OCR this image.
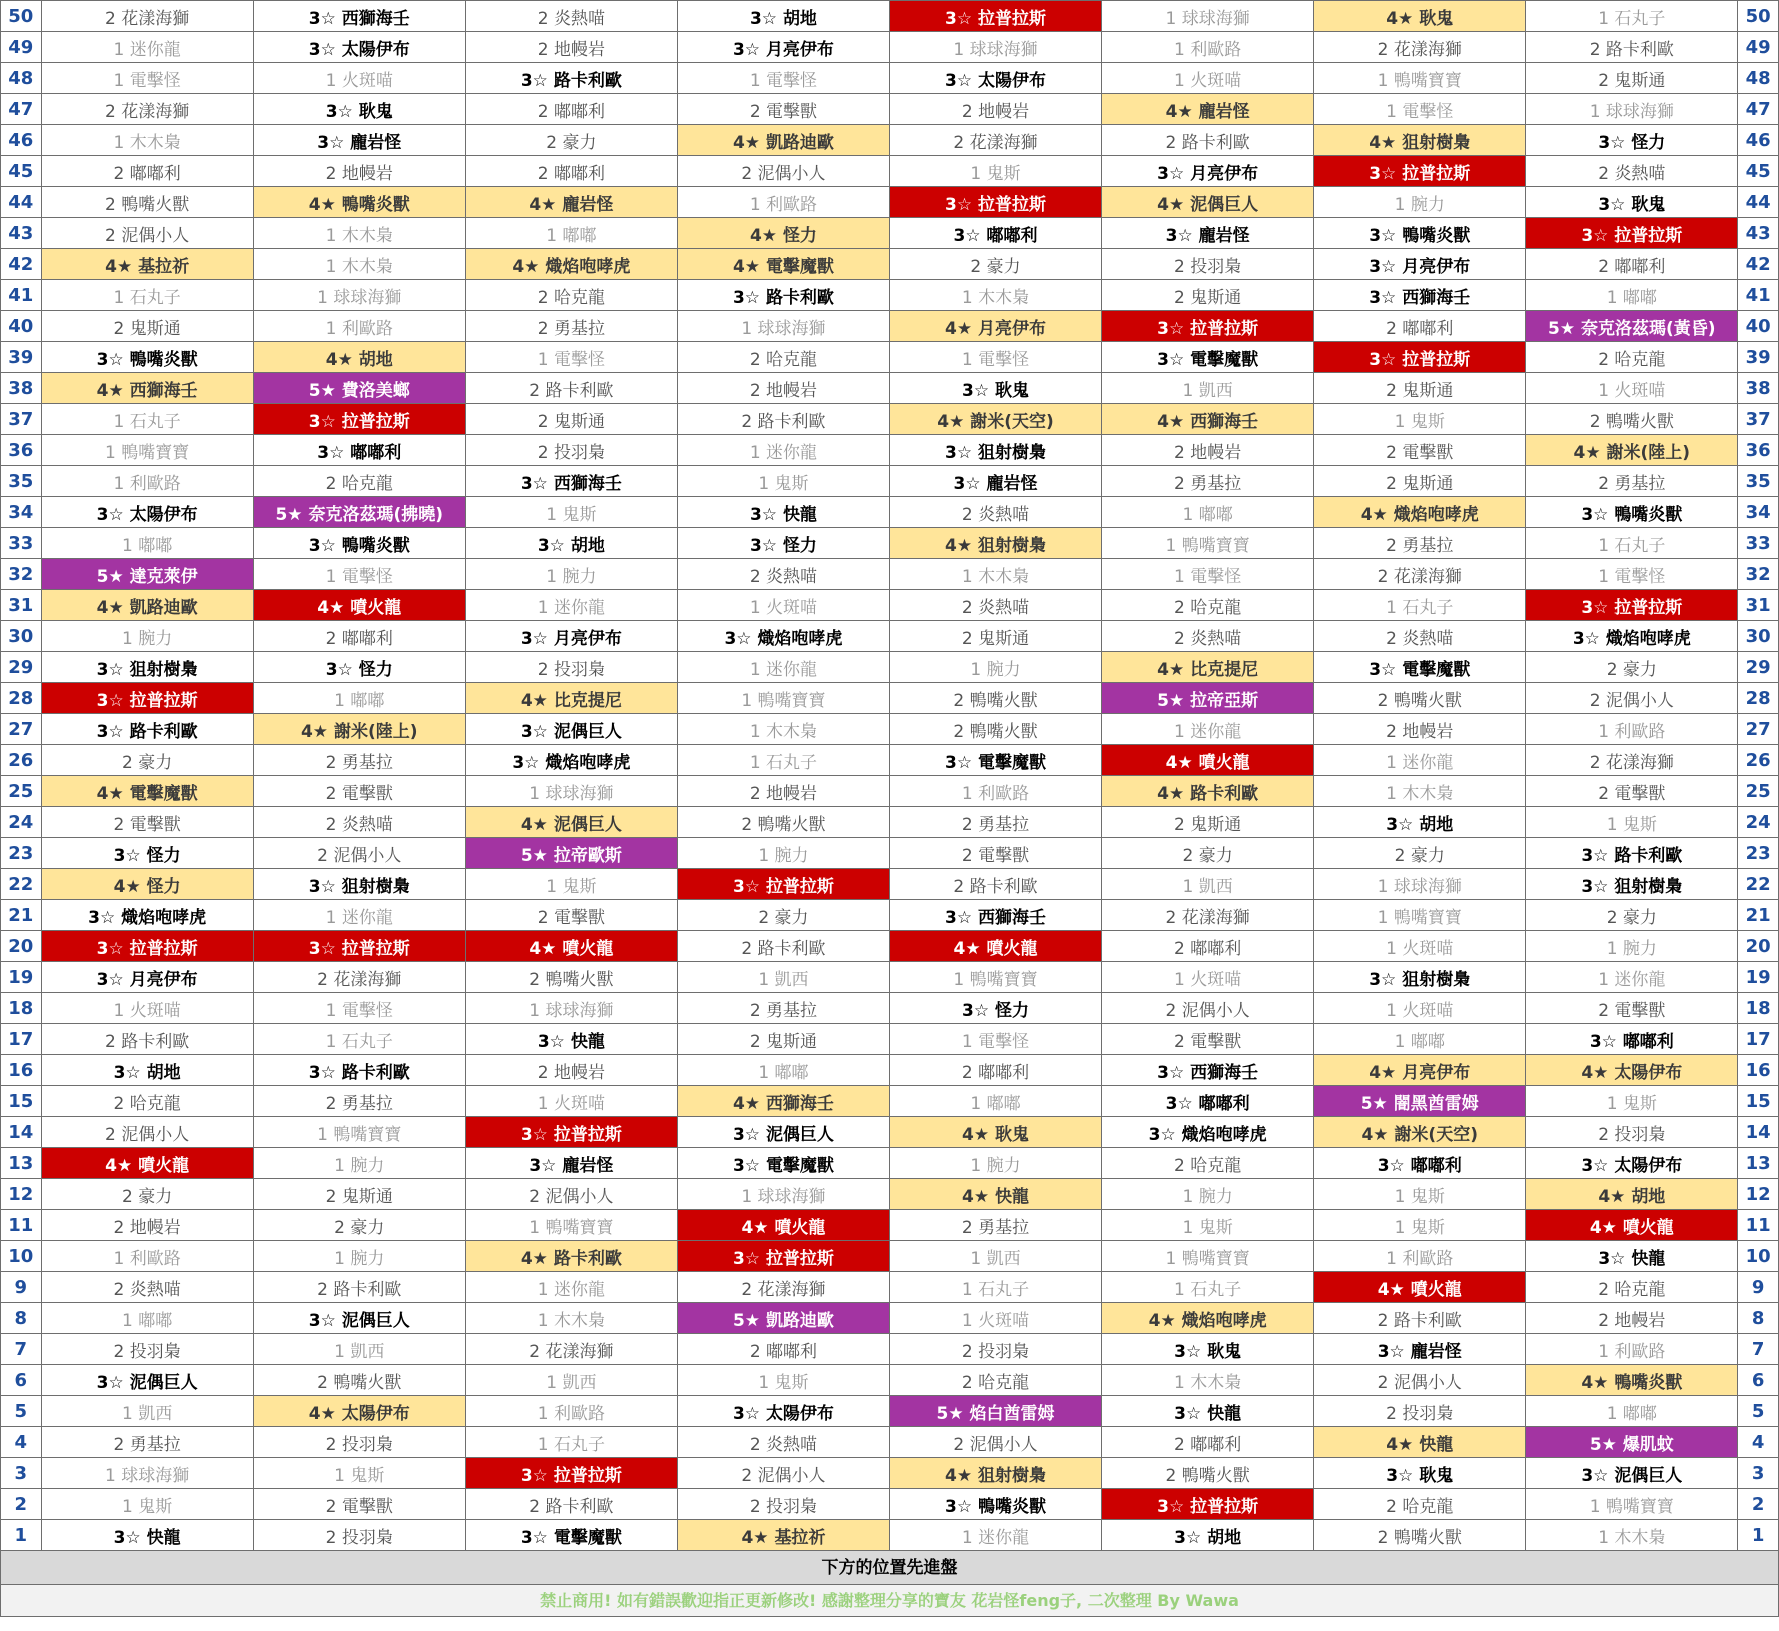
50	2 花漾海獅	3☆ 西獅海壬	2 炎熱喵	3☆ 胡地	3☆ 拉普拉斯	1 球球海獅	4★ 耿鬼	1 石丸子	50
49	1 迷你龍	3☆ 太陽伊布	2 地幔岩	3☆ 月亮伊布	1 球球海獅	1 利歐路	2 花漾海獅	2 路卡利歐	49
48	1 電擊怪	1 火斑喵	3☆ 路卡利歐	1 電擊怪	3☆ 太陽伊布	1 火斑喵	1 鴨嘴寶寶	2 鬼斯通	48
47	2 花漾海獅	3☆ 耿鬼	2 嘟嘟利	2 電擊獸	2 地幔岩	4★ 龐岩怪	1 電擊怪	1 球球海獅	47
46	1 木木梟	3☆ 龐岩怪	2 豪力	4★ 凱路迪歐	2 花漾海獅	2 路卡利歐	4★ 狙射樹梟	3☆ 怪力	46
45	2 嘟嘟利	2 地幔岩	2 嘟嘟利	2 泥偶小人	1 鬼斯	3☆ 月亮伊布	3☆ 拉普拉斯	2 炎熱喵	45
44	2 鴨嘴火獸	4★ 鴨嘴炎獸	4★ 龐岩怪	1 利歐路	3☆ 拉普拉斯	4★ 泥偶巨人	1 腕力	3☆ 耿鬼	44
43	2 泥偶小人	1 木木梟	1 嘟嘟	4★ 怪力	3☆ 嘟嘟利	3☆ 龐岩怪	3☆ 鴨嘴炎獸	3☆ 拉普拉斯	43
42	4★ 基拉祈	1 木木梟	4★ 熾焰咆哮虎	4★ 電擊魔獸	2 豪力	2 投羽梟	3☆ 月亮伊布	2 嘟嘟利	42
41	1 石丸子	1 球球海獅	2 哈克龍	3☆ 路卡利歐	1 木木梟	2 鬼斯通	3☆ 西獅海壬	1 嘟嘟	41
40	2 鬼斯通	1 利歐路	2 勇基拉	1 球球海獅	4★ 月亮伊布	3☆ 拉普拉斯	2 嘟嘟利	5★ 奈克洛茲瑪(黃昏)	40
39	3☆ 鴨嘴炎獸	4★ 胡地	1 電擊怪	2 哈克龍	1 電擊怪	3☆ 電擊魔獸	3☆ 拉普拉斯	2 哈克龍	39
38	4★ 西獅海壬	5★ 費洛美螂	2 路卡利歐	2 地幔岩	3☆ 耿鬼	1 凱西	2 鬼斯通	1 火斑喵	38
37	1 石丸子	3☆ 拉普拉斯	2 鬼斯通	2 路卡利歐	4★ 謝米(天空)	4★ 西獅海壬	1 鬼斯	2 鴨嘴火獸	37
36	1 鴨嘴寶寶	3☆ 嘟嘟利	2 投羽梟	1 迷你龍	3☆ 狙射樹梟	2 地幔岩	2 電擊獸	4★ 謝米(陸上)	36
35	1 利歐路	2 哈克龍	3☆ 西獅海壬	1 鬼斯	3☆ 龐岩怪	2 勇基拉	2 鬼斯通	2 勇基拉	35
34	3☆ 太陽伊布	5★ 奈克洛茲瑪(拂曉)	1 鬼斯	3☆ 快龍	2 炎熱喵	1 嘟嘟	4★ 熾焰咆哮虎	3☆ 鴨嘴炎獸	34
33	1 嘟嘟	3☆ 鴨嘴炎獸	3☆ 胡地	3☆ 怪力	4★ 狙射樹梟	1 鴨嘴寶寶	2 勇基拉	1 石丸子	33
32	5★ 達克萊伊	1 電擊怪	1 腕力	2 炎熱喵	1 木木梟	1 電擊怪	2 花漾海獅	1 電擊怪	32
31	4★ 凱路迪歐	4★ 噴火龍	1 迷你龍	1 火斑喵	2 炎熱喵	2 哈克龍	1 石丸子	3☆ 拉普拉斯	31
30	1 腕力	2 嘟嘟利	3☆ 月亮伊布	3☆ 熾焰咆哮虎	2 鬼斯通	2 炎熱喵	2 炎熱喵	3☆ 熾焰咆哮虎	30
29	3☆ 狙射樹梟	3☆ 怪力	2 投羽梟	1 迷你龍	1 腕力	4★ 比克提尼	3☆ 電擊魔獸	2 豪力	29
28	3☆ 拉普拉斯	1 嘟嘟	4★ 比克提尼	1 鴨嘴寶寶	2 鴨嘴火獸	5★ 拉帝亞斯	2 鴨嘴火獸	2 泥偶小人	28
27	3☆ 路卡利歐	4★ 謝米(陸上)	3☆ 泥偶巨人	1 木木梟	2 鴨嘴火獸	1 迷你龍	2 地幔岩	1 利歐路	27
26	2 豪力	2 勇基拉	3☆ 熾焰咆哮虎	1 石丸子	3☆ 電擊魔獸	4★ 噴火龍	1 迷你龍	2 花漾海獅	26
25	4★ 電擊魔獸	2 電擊獸	1 球球海獅	2 地幔岩	1 利歐路	4★ 路卡利歐	1 木木梟	2 電擊獸	25
24	2 電擊獸	2 炎熱喵	4★ 泥偶巨人	2 鴨嘴火獸	2 勇基拉	2 鬼斯通	3☆ 胡地	1 鬼斯	24
23	3☆ 怪力	2 泥偶小人	5★ 拉帝歐斯	1 腕力	2 電擊獸	2 豪力	2 豪力	3☆ 路卡利歐	23
22	4★ 怪力	3☆ 狙射樹梟	1 鬼斯	3☆ 拉普拉斯	2 路卡利歐	1 凱西	1 球球海獅	3☆ 狙射樹梟	22
21	3☆ 熾焰咆哮虎	1 迷你龍	2 電擊獸	2 豪力	3☆ 西獅海壬	2 花漾海獅	1 鴨嘴寶寶	2 豪力	21
20	3☆ 拉普拉斯	3☆ 拉普拉斯	4★ 噴火龍	2 路卡利歐	4★ 噴火龍	2 嘟嘟利	1 火斑喵	1 腕力	20
19	3☆ 月亮伊布	2 花漾海獅	2 鴨嘴火獸	1 凱西	1 鴨嘴寶寶	1 火斑喵	3☆ 狙射樹梟	1 迷你龍	19
18	1 火斑喵	1 電擊怪	1 球球海獅	2 勇基拉	3☆ 怪力	2 泥偶小人	1 火斑喵	2 電擊獸	18
17	2 路卡利歐	1 石丸子	3☆ 快龍	2 鬼斯通	1 電擊怪	2 電擊獸	1 嘟嘟	3☆ 嘟嘟利	17
16	3☆ 胡地	3☆ 路卡利歐	2 地幔岩	1 嘟嘟	2 嘟嘟利	3☆ 西獅海壬	4★ 月亮伊布	4★ 太陽伊布	16
15	2 哈克龍	2 勇基拉	1 火斑喵	4★ 西獅海壬	1 嘟嘟	3☆ 嘟嘟利	5★ 闇黑酋雷姆	1 鬼斯	15
14	2 泥偶小人	1 鴨嘴寶寶	3☆ 拉普拉斯	3☆ 泥偶巨人	4★ 耿鬼	3☆ 熾焰咆哮虎	4★ 謝米(天空)	2 投羽梟	14
13	4★ 噴火龍	1 腕力	3☆ 龐岩怪	3☆ 電擊魔獸	1 腕力	2 哈克龍	3☆ 嘟嘟利	3☆ 太陽伊布	13
12	2 豪力	2 鬼斯通	2 泥偶小人	1 球球海獅	4★ 快龍	1 腕力	1 鬼斯	4★ 胡地	12
11	2 地幔岩	2 豪力	1 鴨嘴寶寶	4★ 噴火龍	2 勇基拉	1 鬼斯	1 鬼斯	4★ 噴火龍	11
10	1 利歐路	1 腕力	4★ 路卡利歐	3☆ 拉普拉斯	1 凱西	1 鴨嘴寶寶	1 利歐路	3☆ 快龍	10
9	2 炎熱喵	2 路卡利歐	1 迷你龍	2 花漾海獅	1 石丸子	1 石丸子	4★ 噴火龍	2 哈克龍	9
8	1 嘟嘟	3☆ 泥偶巨人	1 木木梟	5★ 凱路迪歐	1 火斑喵	4★ 熾焰咆哮虎	2 路卡利歐	2 地幔岩	8
7	2 投羽梟	1 凱西	2 花漾海獅	2 嘟嘟利	2 投羽梟	3☆ 耿鬼	3☆ 龐岩怪	1 利歐路	7
6	3☆ 泥偶巨人	2 鴨嘴火獸	1 凱西	1 鬼斯	2 哈克龍	1 木木梟	2 泥偶小人	4★ 鴨嘴炎獸	6
5	1 凱西	4★ 太陽伊布	1 利歐路	3☆ 太陽伊布	5★ 焰白酋雷姆	3☆ 快龍	2 投羽梟	1 嘟嘟	5
4	2 勇基拉	2 投羽梟	1 石丸子	2 炎熱喵	2 泥偶小人	2 嘟嘟利	4★ 快龍	5★ 爆肌蚊	4
3	1 球球海獅	1 鬼斯	3☆ 拉普拉斯	2 泥偶小人	4★ 狙射樹梟	2 鴨嘴火獸	3☆ 耿鬼	3☆ 泥偶巨人	3
2	1 鬼斯	2 電擊獸	2 路卡利歐	2 投羽梟	3☆ 鴨嘴炎獸	3☆ 拉普拉斯	2 哈克龍	1 鴨嘴寶寶	2
1	3☆ 快龍	2 投羽梟	3☆ 電擊魔獸	4★ 基拉祈	1 迷你龍	3☆ 胡地	2 鴨嘴火獸	1 木木梟	1
下方的位置先進盤
禁止商用! 如有錯誤歡迎指正更新修改! 感謝整理分享的寶友 花岩怪feng子, 二次整理 By Wawa
